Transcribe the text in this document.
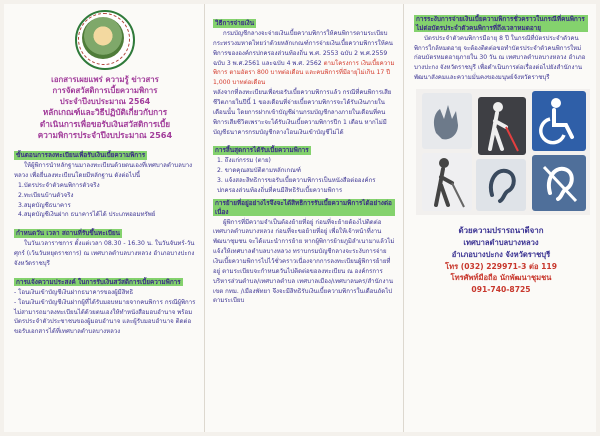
เอกสารเผยแพร่ ความรู้ ข่าวสาร
การจัดสวัสดิการเบี้ยความพิการ
ประจำปีงบประมาณ 2564
หลักเกณฑ์และวิธีปฏิบัติเกี่ยวกับการ
ดำเนินการเพื่อขอรับเงินสวัสดิการเบี้ย
ความพิการประจำปีงบประมาณ 2564
ขั้นตอนการลงทะเบียนเพื่อรับเงินเบี้ยความพิการ

ให้ผู้พิการนำหลักฐานมาลงทะเบียนด้วยตนเองที่เทศบาลตำบลบางหลวง เพื่อยื่นลงทะเบียนโดยมีหลักฐาน ดังต่อไปนี้

1.บัตรประจำตัวคนพิการตัวจริง

2.ทะเบียนบ้านตัวจริง

3.สมุดบัญชีธนาคาร

4.สมุดบัญชีเงินฝาก ธนาคารได้ได้ ประเภทออมทรัพย์

กำหนดวัน เวลา สถานที่รับขึ้นทะเบียน

ในวันเวลาราชการ ตั้งแต่เวลา 08.30 - 16.30 น. ในวันจันทร์-วันศุกร์ (เว้นวันหยุดราชการ) ณ เทศบาลตำบลบางหลวง อำเภอบางปะกง จังหวัดราชบุรี

การแจ้งความประสงค์ ในการรับเงินสวัสดิการเบี้ยความพิการ

- โอนเงินเข้าบัญชีเงินฝากธนาคารของผู้มีสิทธิ

- โอนเงินเข้าบัญชีเงินฝากผู้ที่ได้รับมอบหมายจากคนพิการ กรณีผู้พิการไม่สามารถมาลงทะเบียนได้ด้วยตนเองให้ทำหนังสือมอบอำนาจ พร้อมบัตรประจำตัวประชาชนของผู้มอบอำนาจ และผู้รับมอบอำนาจ ติดต่อขอรับเอกสารได้ที่เทศบาลตำบลบางหลวง

วิธีการจ่ายเงิน

กรมบัญชีกลางจะจ่ายเงินเบี้ยความพิการให้คนพิการตามระเบียบกระทรวงมหาดไทยว่าด้วยหลักเกณฑ์การจ่ายเงินเบี้ยความพิการให้คนพิการขององค์กรปกครองส่วนท้องถิ่น พ.ศ. 2553 ฉบับ 2 พ.ศ.2559 ฉบับ 3 พ.ศ.2561 และฉบับ 4 พ.ศ. 2562 ตามโครงการ เงินเบี้ยความพิการ ตามอัตรา 800 บาทต่อเดือน และคนพิการที่มีอายุไม่เกิน 17 ปี 1,000 บาทต่อเดือน

หลังจากที่ลงทะเบียนเพื่อขอรับเบี้ยความพิการแล้ว กรณีที่คนพิการเสียชีวิตภายในปีนี้ 1 ของเดือนที่จ่ายเบี้ยความพิการจะได้รับเงินภายในเดือนนั้น โดยการฝากเข้าบัญชีผ่านกรมบัญชีกลางภายในเดือนที่คนพิการเสียชีวิตเพราะจะได้รับเงินเบี้ยความพิการปีก 1 เดือน หากไม่มีบัญชีธนาคารกรมบัญชีกลางโอนเงินเข้าบัญชีไม่ได้

การสิ้นสุดการได้รับเบี้ยความพิการ

1. ถึงแก่กรรม (ตาย)

2. ขาดคุณสมบัติตามหลักเกณฑ์

3. แจ้งสละสิทธิการขอรับเบี้ยความพิการเป็นหนังสือต่อองค์กรปกครองส่วนท้องถิ่นที่คนมีสิทธิรับเบี้ยความพิการ

การย้ายที่อยู่อย่างไรจึงจะได้สิทธิการรับเบี้ยความพิการได้อย่างต่อเนื่อง

ผู้พิการที่มีความจำเป็นต้องย้ายที่อยู่ ก่อนที่จะย้ายต้องไปติดต่อ เทศบาลตำบลบางหลวง ก่อนที่จะขอย้ายที่อยู่ เพื่อให้เจ้าหน้าที่งานพัฒนาชุมชน จะได้แนะนำการย้าย หากผู้พิการย้ายภูมิลำเนามาแล้วไม่แจ้งให้เทศบาลตำบลบางหลวง ทราบกรมบัญชีกลางจะระงับการจ่ายเงินเบี้ยความพิการไปไว้ชั่วคราวเนื่องจากการลงทะเบียนผู้พิการย้ายที่อยู่ ตามระเบียบจะกำหนดวันไปติดต่อขอลงทะเบียน ณ องค์กรการบริหารส่วนตำบล/เทศบาลตำบล เทศบาลเมือง/เทศบาลนคร/สำนักงานเขต กทม. /เมืองพัทยา จึงจะมีสิทธิรับเงินเบี้ยความพิการในเดือนถัดไปตามระเบียบ

การระงับการจ่ายเงินเบี้ยความพิการชั่วคราวในกรณีที่คนพิการไม่ต่อบัตรประจำตัวคนพิการที่ถึงเวลาหมดอายุ

บัตรประจำตัวคนพิการมีอายุ 8 ปี ในกรณีที่บัตรประจำตัวคนพิการใกล้หมดอายุ จะต้องติดต่อขอทำบัตรประจำตัวคนพิการใหม่ก่อนบัตรหมดอายุภายใน 30 วัน ณ เทศบาลตำบลบางหลวง อำเภอบางปะกง จังหวัดราชบุรี เพื่อดำเนินการต่อเรื่องต่อไปยังสำนักงานพัฒนาสังคมและความมั่นคงของมนุษย์จังหวัดราชบุรี

ด้วยความปรารถนาดีจาก
เทศบาลตำบลบางหลวง
อำเภอบางปะกง จังหวัดราชบุรี
โทร (032) 229971-3 ต่อ 119
โทรศัพท์มือถือ นักพัฒนาชุมชน
091-740-8725
